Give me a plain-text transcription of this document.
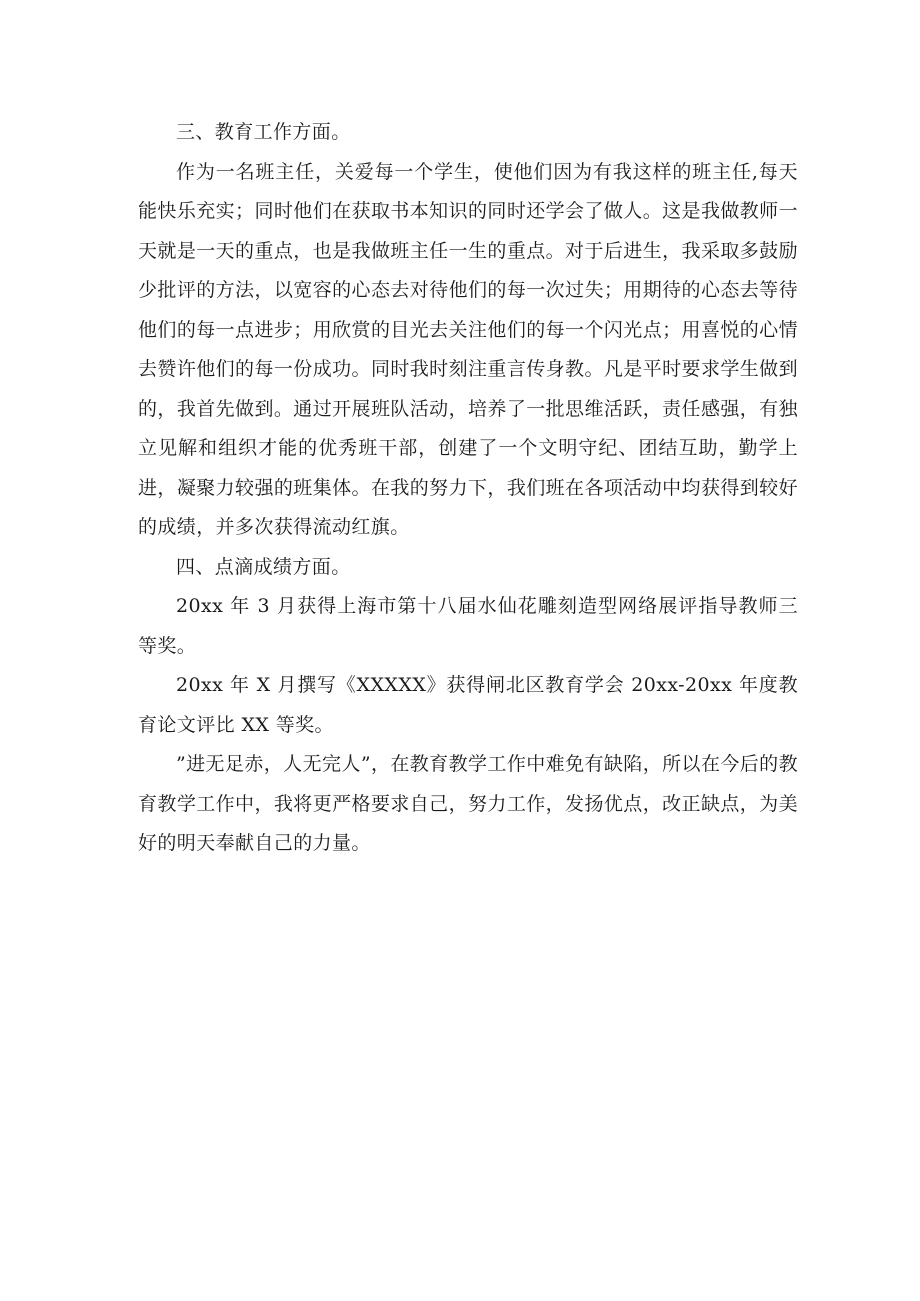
三、教育工作方面。

作为一名班主任，关爱每一个学生，使他们因为有我这样的班主任,每天能快乐充实；同时他们在获取书本知识的同时还学会了做人。这是我做教师一天就是一天的重点，也是我做班主任一生的重点。对于后进生，我采取多鼓励少批评的方法，以宽容的心态去对待他们的每一次过失；用期待的心态去等待他们的每一点进步；用欣赏的目光去关注他们的每一个闪光点；用喜悦的心情去赞许他们的每一份成功。同时我时刻注重言传身教。凡是平时要求学生做到的，我首先做到。通过开展班队活动，培养了一批思维活跃，责任感强，有独立见解和组织才能的优秀班干部，创建了一个文明守纪、团结互助，勤学上进，凝聚力较强的班集体。在我的努力下，我们班在各项活动中均获得到较好的成绩，并多次获得流动红旗。

四、点滴成绩方面。

20xx 年 3 月获得上海市第十八届水仙花雕刻造型网络展评指导教师三等奖。

20xx 年 X 月撰写《XXXXX》获得闸北区教育学会 20xx-20xx 年度教育论文评比 XX 等奖。

”进无足赤，人无完人”，在教育教学工作中难免有缺陷，所以在今后的教育教学工作中，我将更严格要求自己，努力工作，发扬优点，改正缺点，为美好的明天奉献自己的力量。
